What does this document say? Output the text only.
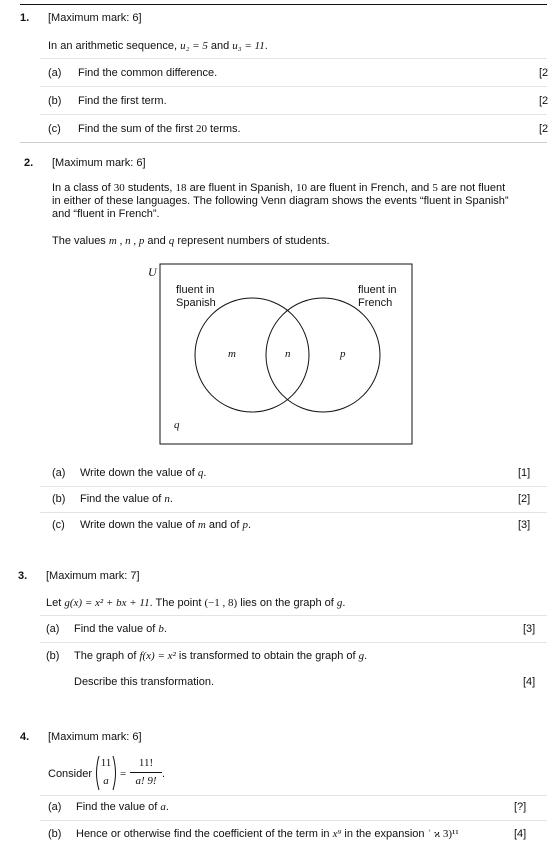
1. [Maximum mark: 6]
In an arithmetic sequence, u₂ = 5 and u₃ = 11.
(a) Find the common difference.	[2
(b) Find the first term.	[2
(c) Find the sum of the first 20 terms.	[2
2. [Maximum mark: 6]
In a class of 30 students, 18 are fluent in Spanish, 10 are fluent in French, and 5 are not fluent
in either of these languages. The following Venn diagram shows the events “fluent in Spanish”
and “fluent in French”.
The values m , n , p and q represent numbers of students.
U
fluent in
Spanish
fluent in
French
m	n	p
q
(a) Write down the value of q.	[1]
(b) Find the value of n.	[2]
(c) Write down the value of m and of p.	[3]
3. [Maximum mark: 7]
Let g(x) = x² + bx + 11. The point (−1 , 8) lies on the graph of g.
(a) Find the value of b.	[3]
(b) The graph of f(x) = x² is transformed to obtain the graph of g.
Describe this transformation.	[4]
4. [Maximum mark: 6]
Consider
11
a
=
11!
a! 9!
.
(a) Find the value of a.	[?]
(b) Hence or otherwise find the coefficient of the term in x⁹ in the expansion ʿ ϰ 3)¹¹	[4]
